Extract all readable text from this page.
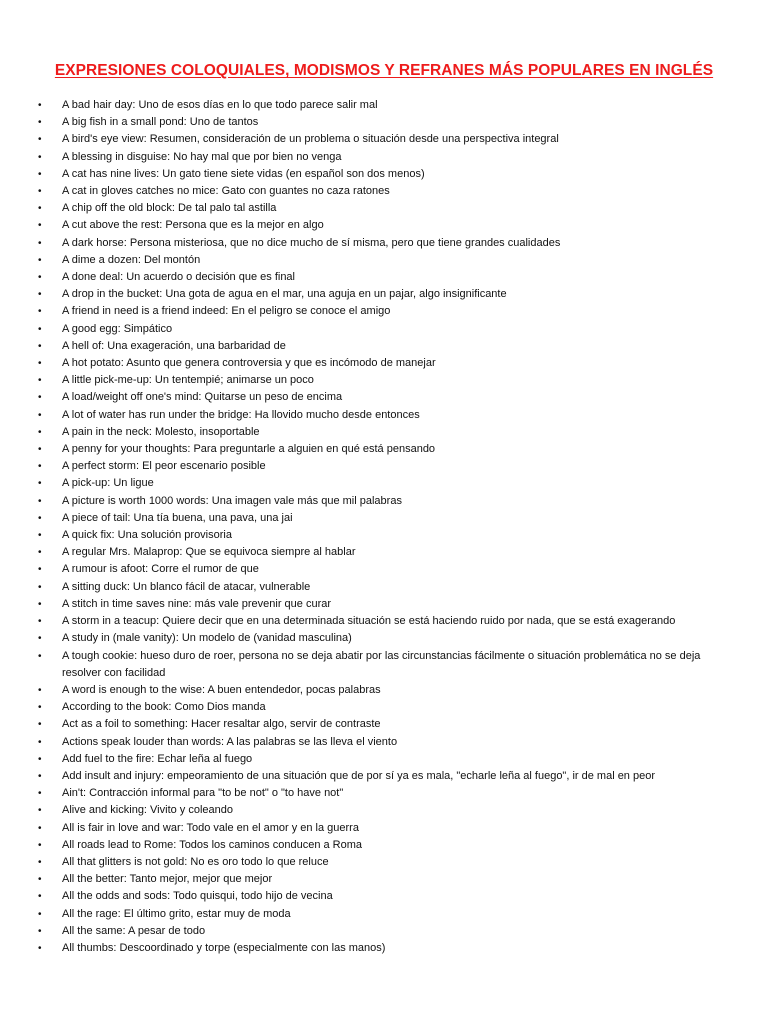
EXPRESIONES COLOQUIALES, MODISMOS Y REFRANES MÁS POPULARES EN INGLÉS
• A bad hair day: Uno de esos días en lo que todo parece salir mal
• A big fish in a small pond: Uno de tantos
• A bird's eye view: Resumen, consideración de un problema o situación desde una perspectiva integral
• A blessing in disguise: No hay mal que por bien no venga
• A cat has nine lives: Un gato tiene siete vidas (en español son dos menos)
• A cat in gloves catches no mice: Gato con guantes no caza ratones
• A chip off the old block: De tal palo tal astilla
• A cut above the rest: Persona que es la mejor en algo
• A dark horse: Persona misteriosa, que no dice mucho de sí misma, pero que tiene grandes cualidades
• A dime a dozen: Del montón
• A done deal: Un acuerdo o decisión que es final
• A drop in the bucket: Una gota de agua en el mar, una aguja en un pajar, algo insignificante
• A friend in need is a friend indeed: En el peligro se conoce el amigo
• A good egg: Simpático
• A hell of: Una exageración, una barbaridad de
• A hot potato: Asunto que genera controversia y que es incómodo de manejar
• A little pick-me-up: Un tentempié; animarse un poco
• A load/weight off one's mind: Quitarse un peso de encima
• A lot of water has run under the bridge: Ha llovido mucho desde entonces
• A pain in the neck: Molesto, insoportable
• A penny for your thoughts: Para preguntarle a alguien en qué está pensando
• A perfect storm: El peor escenario posible
• A pick-up: Un ligue
• A picture is worth 1000 words: Una imagen vale más que mil palabras
• A piece of tail: Una tía buena, una pava, una jai
• A quick fix: Una solución provisoria
• A regular Mrs. Malaprop: Que se equivoca siempre al hablar
• A rumour is afoot: Corre el rumor de que
• A sitting duck: Un blanco fácil de atacar, vulnerable
• A stitch in time saves nine: más vale prevenir que curar
• A storm in a teacup: Quiere decir que en una determinada situación se está haciendo ruido por nada, que se está exagerando
• A study in (male vanity): Un modelo de (vanidad masculina)
• A tough cookie: hueso duro de roer, persona no se deja abatir por las circunstancias fácilmente o situación problemática no se deja resolver con facilidad
• A word is enough to the wise: A buen entendedor, pocas palabras
• According to the book: Como Dios manda
• Act as a foil to something: Hacer resaltar algo, servir de contraste
• Actions speak louder than words: A las palabras se las lleva el viento
• Add fuel to the fire: Echar leña al fuego
• Add insult and injury: empeoramiento de una situación que de por sí ya es mala, "echarle leña al fuego", ir de mal en peor
• Ain't: Contracción informal para "to be not" o "to have not"
• Alive and kicking: Vivito y coleando
• All is fair in love and war: Todo vale en el amor y en la guerra
• All roads lead to Rome: Todos los caminos conducen a Roma
• All that glitters is not gold: No es oro todo lo que reluce
• All the better: Tanto mejor, mejor que mejor
• All the odds and sods: Todo quisqui, todo hijo de vecina
• All the rage: El último grito, estar muy de moda
• All the same: A pesar de todo
• All thumbs: Descoordinado y torpe (especialmente con las manos)
